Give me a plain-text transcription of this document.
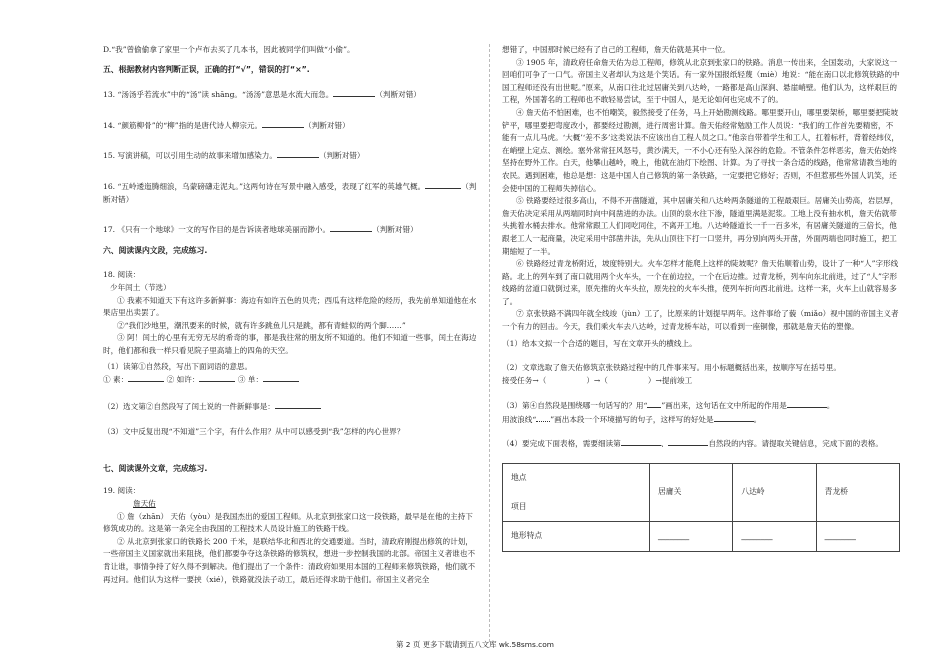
D.“我”曾偷偷拿了家里一个卢布去买了几本书，因此被同学们叫做“小偷”。

五、根据教材内容判断正误，正确的打“√”，错误的打“×”.

13. “汤汤乎若流水”中的“汤”读 shāng。“汤汤”意思是水流大而急。	（判断对错）

14. “颜筋柳骨”的“柳”指的是唐代诗人柳宗元。	（判断对错）

15. 写演讲稿，可以引用生动的故事来增加感染力。	（判断对错）

16. “五岭逶迤腾细浪，乌蒙磅礴走泥丸。”这两句诗在写景中融入感受，表现了红军的英雄气概。	（判断对错）

17. 《只有一个地球》一文的写作目的是告诉读者地球美丽而渺小。	（判断对错）

六、阅读课内文段，完成练习.

18. 阅读：

少年闰土（节选）

① 我素不知道天下有这许多新鲜事：海边有如许五色的贝壳；西瓜有这样危险的经历，我先前单知道他在水果店里出卖罢了。

②“我们沙地里，潮汛要来的时候，就有许多跳鱼儿只是跳，都有青蛙似的两个脚……”

③ 阿！闰土的心里有无穷无尽的希奇的事，都是我往常的朋友所不知道的。他们不知道一些事，闰土在海边时，他们都和我一样只看见院子里高墙上的四角的天空。

（1）读第①自然段，写出下面词语的意思。

① 素：	② 如许：	③ 单：

（2）选文第②自然段写了闰土说的一件新鲜事是：

（3）文中反复出现“不知道”三个字，有什么作用？从中可以感受到“我”怎样的内心世界？

七、阅读课外文章，完成练习.

19. 阅读：

詹天佑

① 詹（zhān） 天佑（yòu）是我国杰出的爱国工程师。从北京到张家口这一段铁路，最早是在他的主持下修筑成功的。这是第一条完全由我国的工程技术人员设计施工的铁路干线。

② 从北京到张家口的铁路长 200 千米，是联结华北和西北的交通要道。当时，清政府刚提出修筑的计划，一些帝国主义国家就出来阻挠，他们都要争夺这条铁路的修筑权，想进一步控制我国的北部。帝国主义者谁也不肯让谁，事情争持了好久得不到解决。他们提出了一个条件：清政府如果用本国的工程师来修筑铁路，他们就不再过问。他们认为这样一要挟（xié），铁路就没法子动工，最后还得求助于他们。帝国主义者完全

想错了，中国那时候已经有了自己的工程师，詹天佑就是其中一位。

③ 1905 年，清政府任命詹天佑为总工程师，修筑从北京到张家口的铁路。消息一传出来，全国轰动，大家说这一回咱们可争了一口气。帝国主义者却认为这是个笑话。有一家外国报纸轻蔑（miè）地说：“能在南口以北修筑铁路的中国工程师还没有出世呢。”原来，从南口往北过居庸关到八达岭，一路都是高山深涧、悬崖峭壁。他们认为，这样艰巨的工程，外国著名的工程师也不敢轻易尝试，至于中国人，是无论如何也完成不了的。

④ 詹天佑不怕困难，也不怕嘲笑，毅然接受了任务，马上开始勘测线路。哪里要开山，哪里要架桥，哪里要把陡坡铲平，哪里要把弯度改小，都要经过勘测，进行周密计算。詹天佑经常勉励工作人员说：“我们的工作首先要精密，不能有一点儿马虎。‘大概’‘差不多’这类说法不应该出自工程人员之口。”他亲自带着学生和工人，扛着标杆，背着经纬仪，在峭壁上定点、测绘。塞外常常狂风怒号，黄沙满天，一不小心还有坠入深谷的危险。不管条件怎样恶劣，詹天佑始终坚持在野外工作。白天，他攀山越岭，晚上，他就在油灯下绘图、计算。为了寻找一条合适的线路，他常常请教当地的农民。遇到困难，他总是想：这是中国人自己修筑的第一条铁路，一定要把它修好；否则，不但惹那些外国人讥笑，还会使中国的工程师失掉信心。

⑤ 铁路要经过很多高山，不得不开凿隧道，其中居庸关和八达岭两条隧道的工程最艰巨。居庸关山势高，岩层厚，詹天佑决定采用从两端同时向中间凿进的办法。山顶的泉水往下渗，隧道里满是泥浆。工地上没有抽水机，詹天佑就带头挑着水桶去排水。他常常跟工人们同吃同住，不离开工地。八达岭隧道长一千一百多米，有居庸关隧道的三倍长，他跟老工人一起商量，决定采用中部凿井法，先从山顶往下打一口竖井，再分别向两头开凿，外面两端也同时施工，把工期缩短了一半。

⑥ 铁路经过青龙桥附近，坡度特别大。火车怎样才能爬上这样的陡坡呢？詹天佑顺着山势，设计了一种“人”字形线路。北上的列车到了南口就用两个火车头，一个在前边拉，一个在后边推。过青龙桥，列车向东北前进，过了“人”字形线路的岔道口就倒过来，原先推的火车头拉，原先拉的火车头推，使列车折向西北前进。这样一来，火车上山就容易多了。

⑦ 京张铁路不满四年就全线竣（jùn）工了，比原来的计划提早两年。这件事给了藐（miǎo）视中国的帝国主义者一个有力的回击。今天，我们乘火车去八达岭，过青龙桥车站，可以看到一座铜像，那就是詹天佑的塑像。

（1）给本文拟一个合适的题目，写在文章开头的横线上。

（2）文章选取了詹天佑修筑京张铁路过程中的几件事来写。用小标题概括出来，按顺序写在括号里。

接受任务→（	）→（	）→提前竣工

（3）第④自然段是围绕哪一句话写的？用“ ”画出来，这句话在文中所起的作用是	。

用波浪线“ ”画出本段一个环境描写的句子，这样写的好处是	。

（4）要完成下面表格，需要细读第	、	自然段的内容。请提取关键信息，完成下面的表格。

地点
项目	居庸关	八达岭	青龙桥
地形特点	________	________	________
第 2 页 更多下载请到五八文库 wk.58sms.com
